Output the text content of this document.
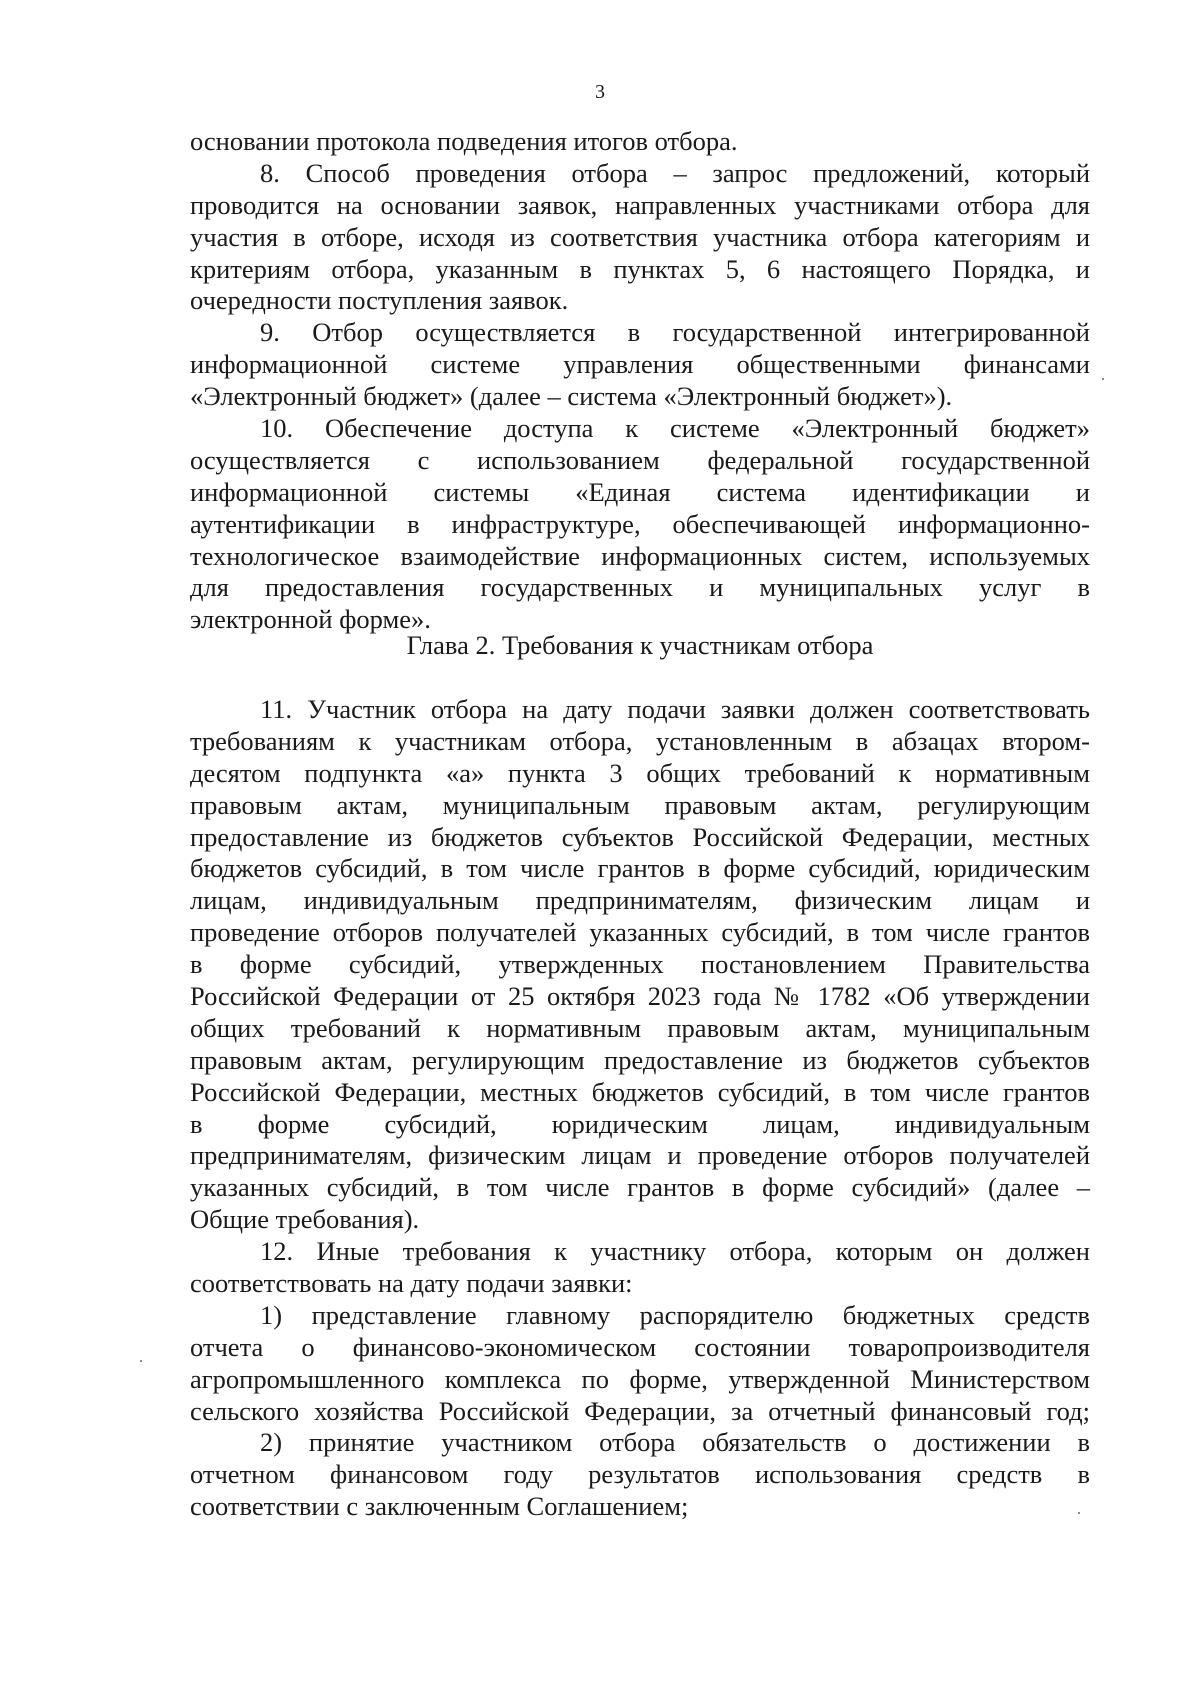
3
основании протокола подведения итогов отбора.
8. Способ проведения отбора – запрос предложений, который
проводится на основании заявок, направленных участниками отбора для
участия в отборе, исходя из соответствия участника отбора категориям и
критериям отбора, указанным в пунктах 5, 6 настоящего Порядка, и
очередности поступления заявок.
9. Отбор осуществляется в государственной интегрированной
информационной системе управления общественными финансами
«Электронный бюджет» (далее – система «Электронный бюджет»).
10. Обеспечение доступа к системе «Электронный бюджет»
осуществляется с использованием федеральной государственной
информационной системы «Единая система идентификации и
аутентификации в инфраструктуре, обеспечивающей информационно-
технологическое взаимодействие информационных систем, используемых
для предоставления государственных и муниципальных услуг в
электронной форме».
Глава 2. Требования к участникам отбора
11. Участник отбора на дату подачи заявки должен соответствовать
требованиям к участникам отбора, установленным в абзацах втором-
десятом подпункта «а» пункта 3 общих требований к нормативным
правовым актам, муниципальным правовым актам, регулирующим
предоставление из бюджетов субъектов Российской Федерации, местных
бюджетов субсидий, в том числе грантов в форме субсидий, юридическим
лицам, индивидуальным предпринимателям, физическим лицам и
проведение отборов получателей указанных субсидий, в том числе грантов
в форме субсидий, утвержденных постановлением Правительства
Российской Федерации от 25 октября 2023 года № 1782 «Об утверждении
общих требований к нормативным правовым актам, муниципальным
правовым актам, регулирующим предоставление из бюджетов субъектов
Российской Федерации, местных бюджетов субсидий, в том числе грантов
в форме субсидий, юридическим лицам, индивидуальным
предпринимателям, физическим лицам и проведение отборов получателей
указанных субсидий, в том числе грантов в форме субсидий» (далее –
Общие требования).
12. Иные требования к участнику отбора, которым он должен
соответствовать на дату подачи заявки:
1) представление главному распорядителю бюджетных средств
отчета о финансово-экономическом состоянии товаропроизводителя
агропромышленного комплекса по форме, утвержденной Министерством
сельского хозяйства Российской Федерации, за отчетный финансовый год;
2) принятие участником отбора обязательств о достижении в
отчетном финансовом году результатов использования средств в
соответствии с заключенным Соглашением;
